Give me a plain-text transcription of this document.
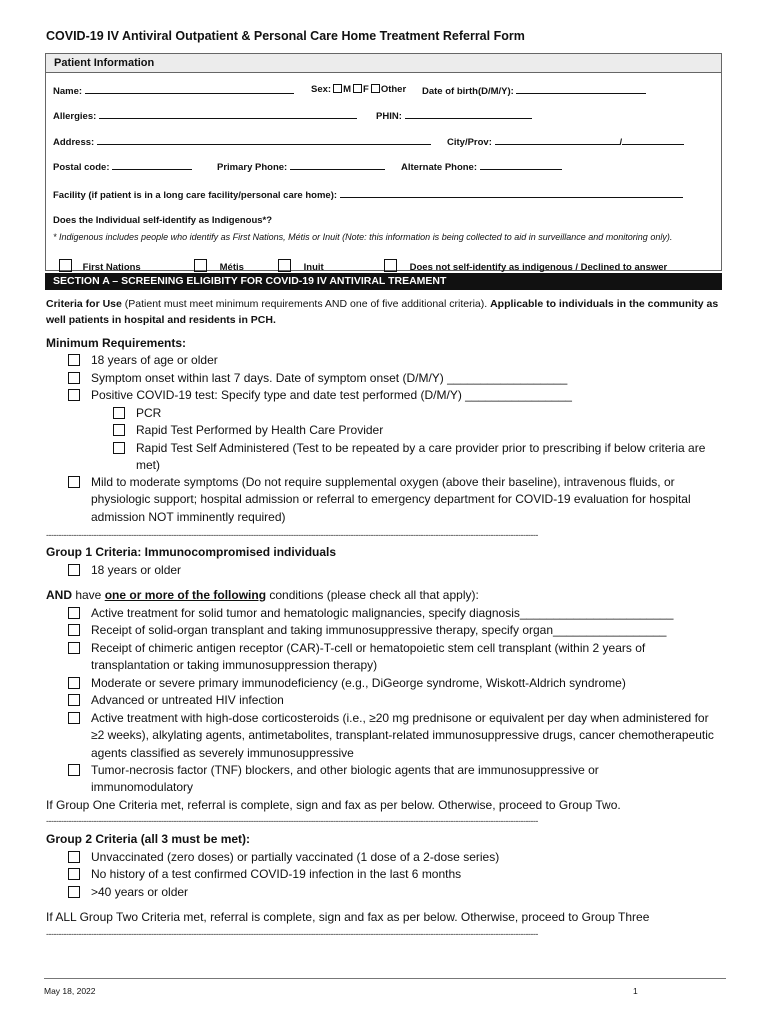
COVID-19 IV Antiviral Outpatient & Personal Care Home Treatment Referral Form
Patient Information
Name:	Sex: M F Other Date of birth(D/M/Y):
Allergies:	PHIN:
Address:	City/Prov:	/
Postal code:	Primary Phone:	Alternate Phone:
Facility (if patient is in a long care facility/personal care home):
Does the Individual self-identify as Indigenous*?
* Indigenous includes people who identify as First Nations, Métis or Inuit (Note: this information is being collected to aid in surveillance and monitoring only).
First Nations	Métis	Inuit	Does not self-identify as indigenous / Declined to answer
SECTION A – SCREENING ELIGIBITY FOR COVID-19 IV ANTIVIRAL TREAMENT
Criteria for Use (Patient must meet minimum requirements AND one of five additional criteria). Applicable to individuals in the community as well patients in hospital and residents in PCH.
Minimum Requirements:
18 years of age or older
Symptom onset within last 7 days. Date of symptom onset (D/M/Y) __________________
Positive COVID-19 test: Specify type and date test performed (D/M/Y) ________________
PCR
Rapid Test Performed by Health Care Provider
Rapid Test Self Administered (Test to be repeated by a care provider prior to prescribing if below criteria are met)
Mild to moderate symptoms (Do not require supplemental oxygen (above their baseline), intravenous fluids, or physiologic support; hospital admission or referral to emergency department for COVID-19 evaluation for hospital admission NOT imminently required)
-----------------------------------------------------------------------------------------------------------------------------------------------------------------------------------------------------
Group 1 Criteria: Immunocompromised individuals
18 years or older
AND have one or more of the following conditions (please check all that apply):
Active treatment for solid tumor and hematologic malignancies, specify diagnosis_______________________
Receipt of solid-organ transplant and taking immunosuppressive therapy, specify organ_________________
Receipt of chimeric antigen receptor (CAR)-T-cell or hematopoietic stem cell transplant (within 2 years of transplantation or taking immunosuppression therapy)
Moderate or severe primary immunodeficiency (e.g., DiGeorge syndrome, Wiskott-Aldrich syndrome)
Advanced or untreated HIV infection
Active treatment with high-dose corticosteroids (i.e., ≥20 mg prednisone or equivalent per day when administered for ≥2 weeks), alkylating agents, antimetabolites, transplant-related immunosuppressive drugs, cancer chemotherapeutic agents classified as severely immunosuppressive
Tumor-necrosis factor (TNF) blockers, and other biologic agents that are immunosuppressive or immunomodulatory
If Group One Criteria met, referral is complete, sign and fax as per below. Otherwise, proceed to Group Two.
-----------------------------------------------------------------------------------------------------------------------------------------------------------------------------------------------------
Group 2 Criteria (all 3 must be met):
Unvaccinated (zero doses) or partially vaccinated (1 dose of a 2-dose series)
No history of a test confirmed COVID-19 infection in the last 6 months
>40 years or older
If ALL Group Two Criteria met, referral is complete, sign and fax as per below. Otherwise, proceed to Group Three
-----------------------------------------------------------------------------------------------------------------------------------------------------------------------------------------------------
May 18, 2022	1
